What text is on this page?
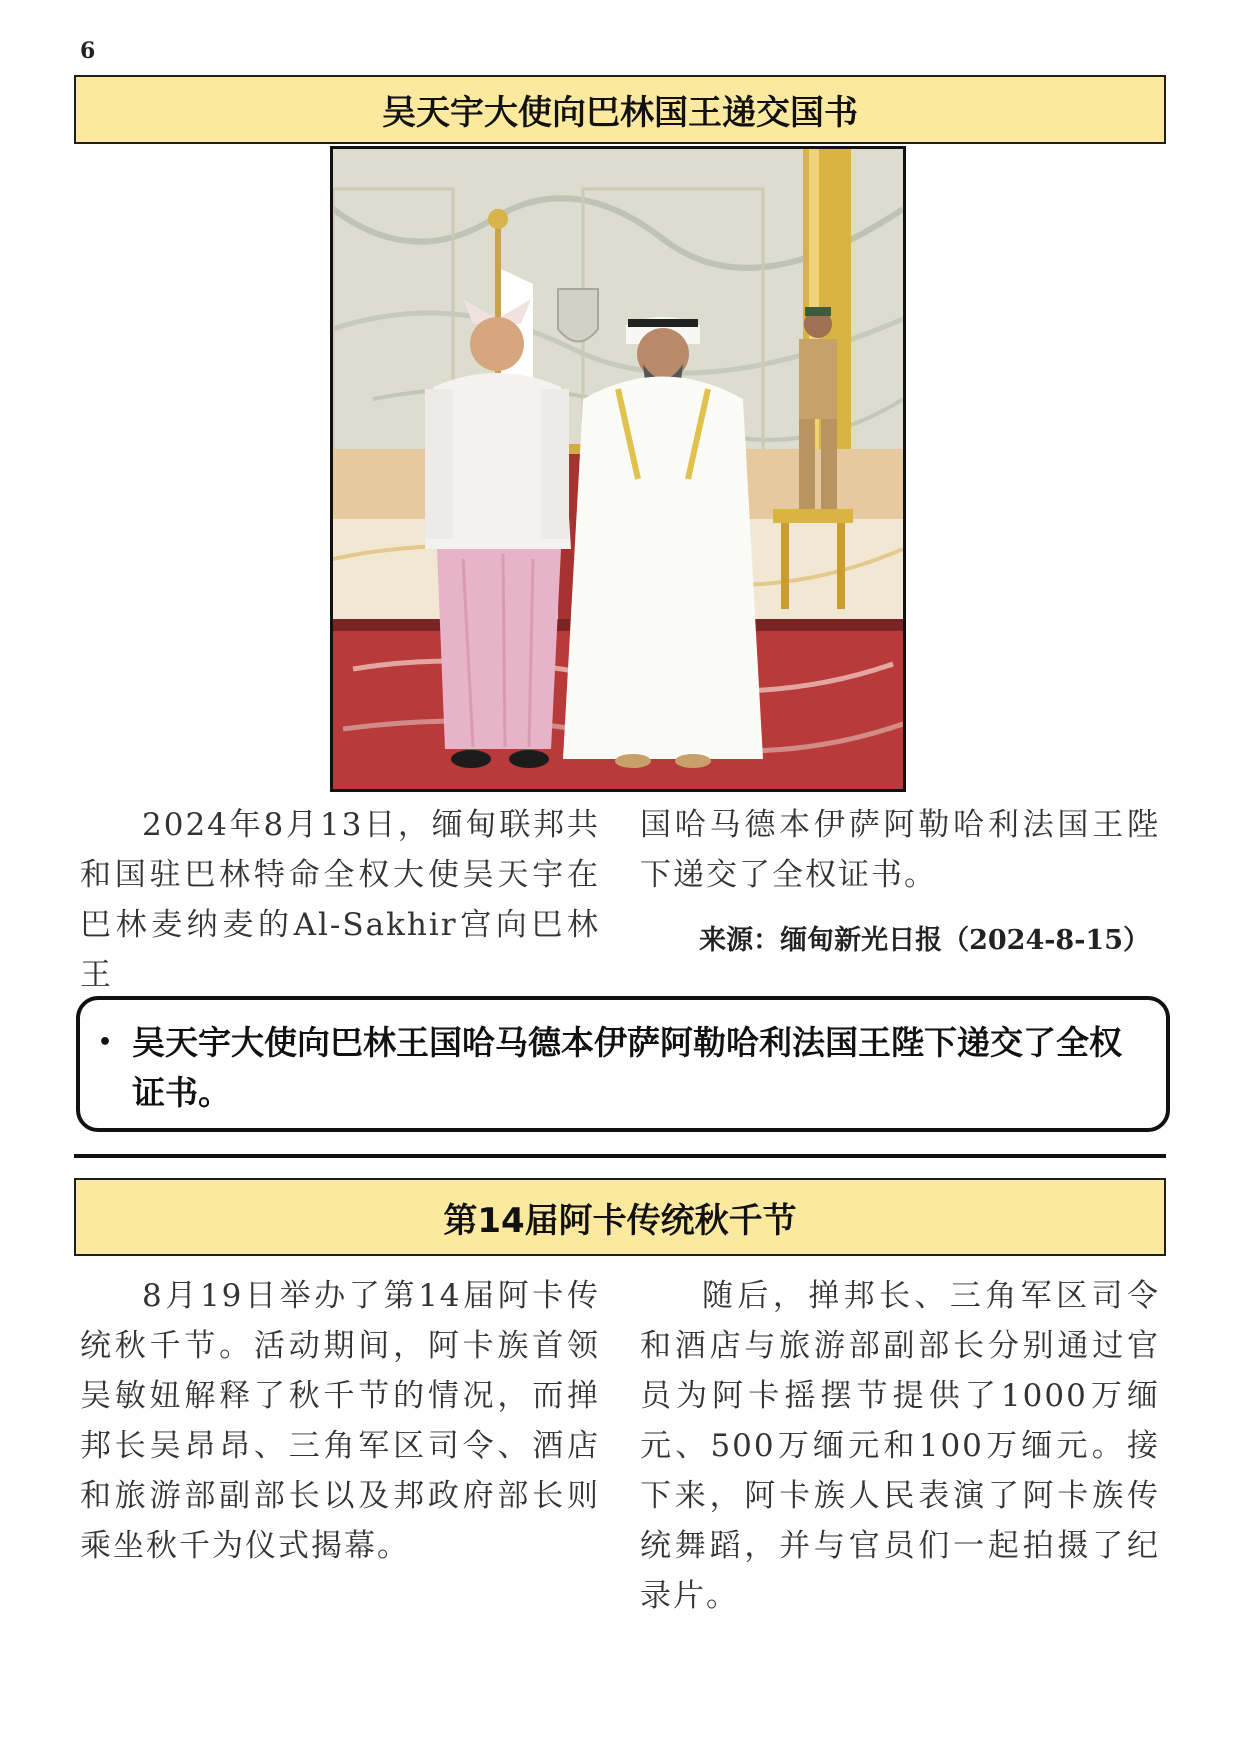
6
吴天宇大使向巴林国王递交国书

2024年8月13日，缅甸联邦共和国驻巴林特命全权大使吴天宇在巴林麦纳麦的Al-Sakhir宫向巴林王

国哈马德本伊萨阿勒哈利法国王陛下递交了全权证书。

来源：缅甸新光日报（2024-8-15）
• 吴天宇大使向巴林王国哈马德本伊萨阿勒哈利法国王陛下递交了全权证书。
第14届阿卡传统秋千节

8月19日举办了第14届阿卡传统秋千节。活动期间，阿卡族首领吴敏妞解释了秋千节的情况，而掸邦长吴昂昂、三角军区司令、酒店和旅游部副部长以及邦政府部长则乘坐秋千为仪式揭幕。

随后，掸邦长、三角军区司令和酒店与旅游部副部长分别通过官员为阿卡摇摆节提供了1000万缅元、500万缅元和100万缅元。接下来，阿卡族人民表演了阿卡族传统舞蹈，并与官员们一起拍摄了纪录片。
